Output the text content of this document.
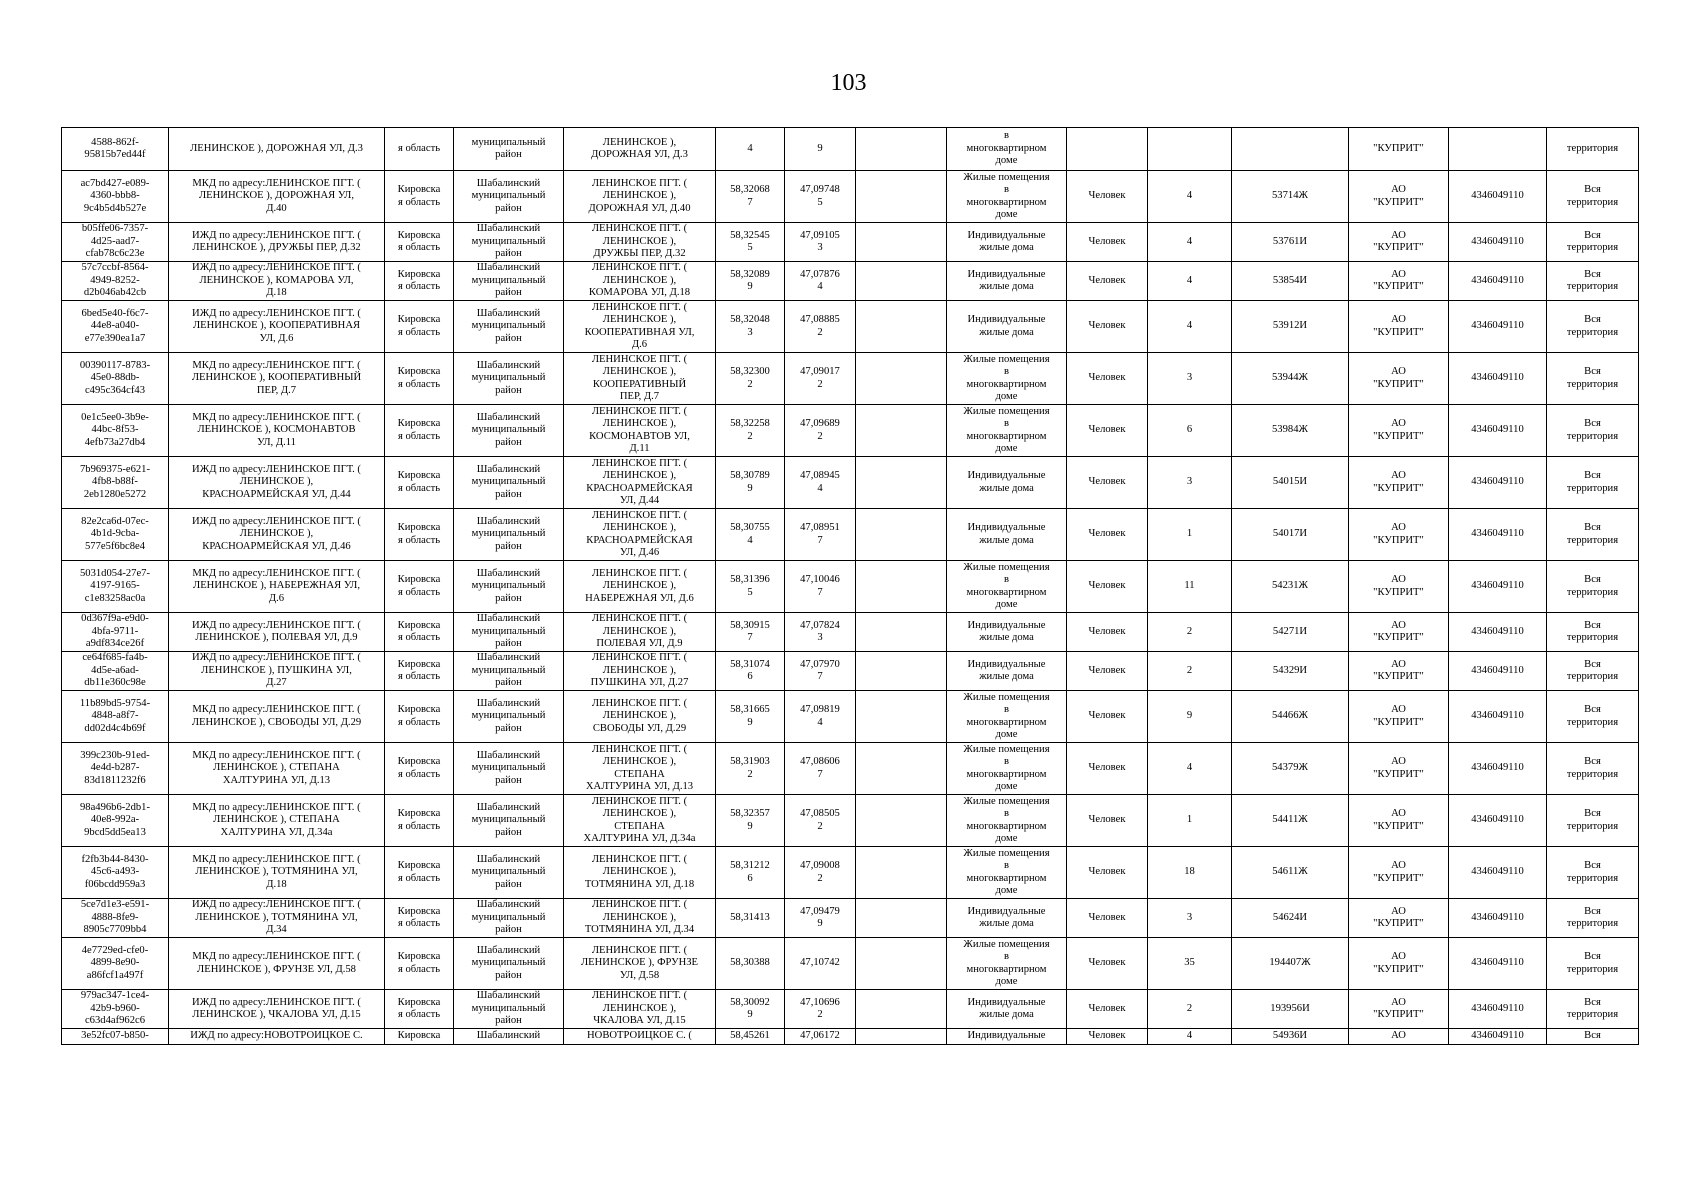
103
4588-862f-
95815b7ed44f	ЛЕНИНСКОЕ ), ДОРОЖНАЯ УЛ, Д.3	я область	муниципальный
район	ЛЕНИНСКОЕ ),
ДОРОЖНАЯ УЛ, Д.3	4	9		в
многоквартирном
доме				"КУПРИТ"		территория
ac7bd427-e089-
4360-bbb8-
9c4b5d4b527e	МКД по адресу:ЛЕНИНСКОЕ ПГТ. (
ЛЕНИНСКОЕ ), ДОРОЖНАЯ УЛ,
Д.40	Кировска
я область	Шабалинский
муниципальный
район	ЛЕНИНСКОЕ ПГТ. (
ЛЕНИНСКОЕ ),
ДОРОЖНАЯ УЛ, Д.40	58,32068
7	47,09748
5		Жилые помещения
в
многоквартирном
доме	Человек	4	53714Ж	АО
"КУПРИТ"	4346049110	Вся
территория
b05ffe06-7357-
4d25-aad7-
cfab78c6c23e	ИЖД по адресу:ЛЕНИНСКОЕ ПГТ. (
ЛЕНИНСКОЕ ), ДРУЖБЫ ПЕР, Д.32	Кировска
я область	Шабалинский
муниципальный
район	ЛЕНИНСКОЕ ПГТ. (
ЛЕНИНСКОЕ ),
ДРУЖБЫ ПЕР, Д.32	58,32545
5	47,09105
3		Индивидуальные
жилые дома	Человек	4	53761И	АО
"КУПРИТ"	4346049110	Вся
территория
57c7ccbf-8564-
4949-8252-
d2b046ab42cb	ИЖД по адресу:ЛЕНИНСКОЕ ПГТ. (
ЛЕНИНСКОЕ ), КОМАРОВА УЛ,
Д.18	Кировска
я область	Шабалинский
муниципальный
район	ЛЕНИНСКОЕ ПГТ. (
ЛЕНИНСКОЕ ),
КОМАРОВА УЛ, Д.18	58,32089
9	47,07876
4		Индивидуальные
жилые дома	Человек	4	53854И	АО
"КУПРИТ"	4346049110	Вся
территория
6bed5e40-f6c7-
44e8-a040-
e77e390ea1a7	ИЖД по адресу:ЛЕНИНСКОЕ ПГТ. (
ЛЕНИНСКОЕ ), КООПЕРАТИВНАЯ
УЛ, Д.6	Кировска
я область	Шабалинский
муниципальный
район	ЛЕНИНСКОЕ ПГТ. (
ЛЕНИНСКОЕ ),
КООПЕРАТИВНАЯ УЛ,
Д.6	58,32048
3	47,08885
2		Индивидуальные
жилые дома	Человек	4	53912И	АО
"КУПРИТ"	4346049110	Вся
территория
00390117-8783-
45e0-88db-
c495c364cf43	МКД по адресу:ЛЕНИНСКОЕ ПГТ. (
ЛЕНИНСКОЕ ), КООПЕРАТИВНЫЙ
ПЕР, Д.7	Кировска
я область	Шабалинский
муниципальный
район	ЛЕНИНСКОЕ ПГТ. (
ЛЕНИНСКОЕ ),
КООПЕРАТИВНЫЙ
ПЕР, Д.7	58,32300
2	47,09017
2		Жилые помещения
в
многоквартирном
доме	Человек	3	53944Ж	АО
"КУПРИТ"	4346049110	Вся
территория
0e1c5ee0-3b9e-
44bc-8f53-
4efb73a27db4	МКД по адресу:ЛЕНИНСКОЕ ПГТ. (
ЛЕНИНСКОЕ ), КОСМОНАВТОВ
УЛ, Д.11	Кировска
я область	Шабалинский
муниципальный
район	ЛЕНИНСКОЕ ПГТ. (
ЛЕНИНСКОЕ ),
КОСМОНАВТОВ УЛ,
Д.11	58,32258
2	47,09689
2		Жилые помещения
в
многоквартирном
доме	Человек	6	53984Ж	АО
"КУПРИТ"	4346049110	Вся
территория
7b969375-e621-
4fb8-b88f-
2eb1280e5272	ИЖД по адресу:ЛЕНИНСКОЕ ПГТ. (
ЛЕНИНСКОЕ ),
КРАСНОАРМЕЙСКАЯ УЛ, Д.44	Кировска
я область	Шабалинский
муниципальный
район	ЛЕНИНСКОЕ ПГТ. (
ЛЕНИНСКОЕ ),
КРАСНОАРМЕЙСКАЯ
УЛ, Д.44	58,30789
9	47,08945
4		Индивидуальные
жилые дома	Человек	3	54015И	АО
"КУПРИТ"	4346049110	Вся
территория
82e2ca6d-07ec-
4b1d-9cba-
577e5f6bc8e4	ИЖД по адресу:ЛЕНИНСКОЕ ПГТ. (
ЛЕНИНСКОЕ ),
КРАСНОАРМЕЙСКАЯ УЛ, Д.46	Кировска
я область	Шабалинский
муниципальный
район	ЛЕНИНСКОЕ ПГТ. (
ЛЕНИНСКОЕ ),
КРАСНОАРМЕЙСКАЯ
УЛ, Д.46	58,30755
4	47,08951
7		Индивидуальные
жилые дома	Человек	1	54017И	АО
"КУПРИТ"	4346049110	Вся
территория
5031d054-27e7-
4197-9165-
c1e83258ac0a	МКД по адресу:ЛЕНИНСКОЕ ПГТ. (
ЛЕНИНСКОЕ ), НАБЕРЕЖНАЯ УЛ,
Д.6	Кировска
я область	Шабалинский
муниципальный
район	ЛЕНИНСКОЕ ПГТ. (
ЛЕНИНСКОЕ ),
НАБЕРЕЖНАЯ УЛ, Д.6	58,31396
5	47,10046
7		Жилые помещения
в
многоквартирном
доме	Человек	11	54231Ж	АО
"КУПРИТ"	4346049110	Вся
территория
0d367f9a-e9d0-
4bfa-9711-
a9df834ce26f	ИЖД по адресу:ЛЕНИНСКОЕ ПГТ. (
ЛЕНИНСКОЕ ), ПОЛЕВАЯ УЛ, Д.9	Кировска
я область	Шабалинский
муниципальный
район	ЛЕНИНСКОЕ ПГТ. (
ЛЕНИНСКОЕ ),
ПОЛЕВАЯ УЛ, Д.9	58,30915
7	47,07824
3		Индивидуальные
жилые дома	Человек	2	54271И	АО
"КУПРИТ"	4346049110	Вся
территория
ce64f685-fa4b-
4d5e-a6ad-
db11e360c98e	ИЖД по адресу:ЛЕНИНСКОЕ ПГТ. (
ЛЕНИНСКОЕ ), ПУШКИНА УЛ,
Д.27	Кировска
я область	Шабалинский
муниципальный
район	ЛЕНИНСКОЕ ПГТ. (
ЛЕНИНСКОЕ ),
ПУШКИНА УЛ, Д.27	58,31074
6	47,07970
7		Индивидуальные
жилые дома	Человек	2	54329И	АО
"КУПРИТ"	4346049110	Вся
территория
11b89bd5-9754-
4848-a8f7-
dd02d4c4b69f	МКД по адресу:ЛЕНИНСКОЕ ПГТ. (
ЛЕНИНСКОЕ ), СВОБОДЫ УЛ, Д.29	Кировска
я область	Шабалинский
муниципальный
район	ЛЕНИНСКОЕ ПГТ. (
ЛЕНИНСКОЕ ),
СВОБОДЫ УЛ, Д.29	58,31665
9	47,09819
4		Жилые помещения
в
многоквартирном
доме	Человек	9	54466Ж	АО
"КУПРИТ"	4346049110	Вся
территория
399c230b-91ed-
4e4d-b287-
83d1811232f6	МКД по адресу:ЛЕНИНСКОЕ ПГТ. (
ЛЕНИНСКОЕ ), СТЕПАНА
ХАЛТУРИНА УЛ, Д.13	Кировска
я область	Шабалинский
муниципальный
район	ЛЕНИНСКОЕ ПГТ. (
ЛЕНИНСКОЕ ),
СТЕПАНА
ХАЛТУРИНА УЛ, Д.13	58,31903
2	47,08606
7		Жилые помещения
в
многоквартирном
доме	Человек	4	54379Ж	АО
"КУПРИТ"	4346049110	Вся
территория
98a496b6-2db1-
40e8-992a-
9bcd5dd5ea13	МКД по адресу:ЛЕНИНСКОЕ ПГТ. (
ЛЕНИНСКОЕ ), СТЕПАНА
ХАЛТУРИНА УЛ, Д.34а	Кировска
я область	Шабалинский
муниципальный
район	ЛЕНИНСКОЕ ПГТ. (
ЛЕНИНСКОЕ ),
СТЕПАНА
ХАЛТУРИНА УЛ, Д.34а	58,32357
9	47,08505
2		Жилые помещения
в
многоквартирном
доме	Человек	1	54411Ж	АО
"КУПРИТ"	4346049110	Вся
территория
f2fb3b44-8430-
45c6-a493-
f06bcdd959a3	МКД по адресу:ЛЕНИНСКОЕ ПГТ. (
ЛЕНИНСКОЕ ), ТОТМЯНИНА УЛ,
Д.18	Кировска
я область	Шабалинский
муниципальный
район	ЛЕНИНСКОЕ ПГТ. (
ЛЕНИНСКОЕ ),
ТОТМЯНИНА УЛ, Д.18	58,31212
6	47,09008
2		Жилые помещения
в
многоквартирном
доме	Человек	18	54611Ж	АО
"КУПРИТ"	4346049110	Вся
территория
5ce7d1e3-e591-
4888-8fe9-
8905c7709bb4	ИЖД по адресу:ЛЕНИНСКОЕ ПГТ. (
ЛЕНИНСКОЕ ), ТОТМЯНИНА УЛ,
Д.34	Кировска
я область	Шабалинский
муниципальный
район	ЛЕНИНСКОЕ ПГТ. (
ЛЕНИНСКОЕ ),
ТОТМЯНИНА УЛ, Д.34	58,31413	47,09479
9		Индивидуальные
жилые дома	Человек	3	54624И	АО
"КУПРИТ"	4346049110	Вся
территория
4e7729ed-cfe0-
4899-8e90-
a86fcf1a497f	МКД по адресу:ЛЕНИНСКОЕ ПГТ. (
ЛЕНИНСКОЕ ), ФРУНЗЕ УЛ, Д.58	Кировска
я область	Шабалинский
муниципальный
район	ЛЕНИНСКОЕ ПГТ. (
ЛЕНИНСКОЕ ), ФРУНЗЕ
УЛ, Д.58	58,30388	47,10742		Жилые помещения
в
многоквартирном
доме	Человек	35	194407Ж	АО
"КУПРИТ"	4346049110	Вся
территория
979ac347-1ce4-
42b9-b960-
c63d4af962c6	ИЖД по адресу:ЛЕНИНСКОЕ ПГТ. (
ЛЕНИНСКОЕ ), ЧКАЛОВА УЛ, Д.15	Кировска
я область	Шабалинский
муниципальный
район	ЛЕНИНСКОЕ ПГТ. (
ЛЕНИНСКОЕ ),
ЧКАЛОВА УЛ, Д.15	58,30092
9	47,10696
2		Индивидуальные
жилые дома	Человек	2	193956И	АО
"КУПРИТ"	4346049110	Вся
территория
3e52fc07-b850-	ИЖД по адресу:НОВОТРОИЦКОЕ С.	Кировска	Шабалинский	НОВОТРОИЦКОЕ С. (	58,45261	47,06172		Индивидуальные	Человек	4	54936И	АО	4346049110	Вся
